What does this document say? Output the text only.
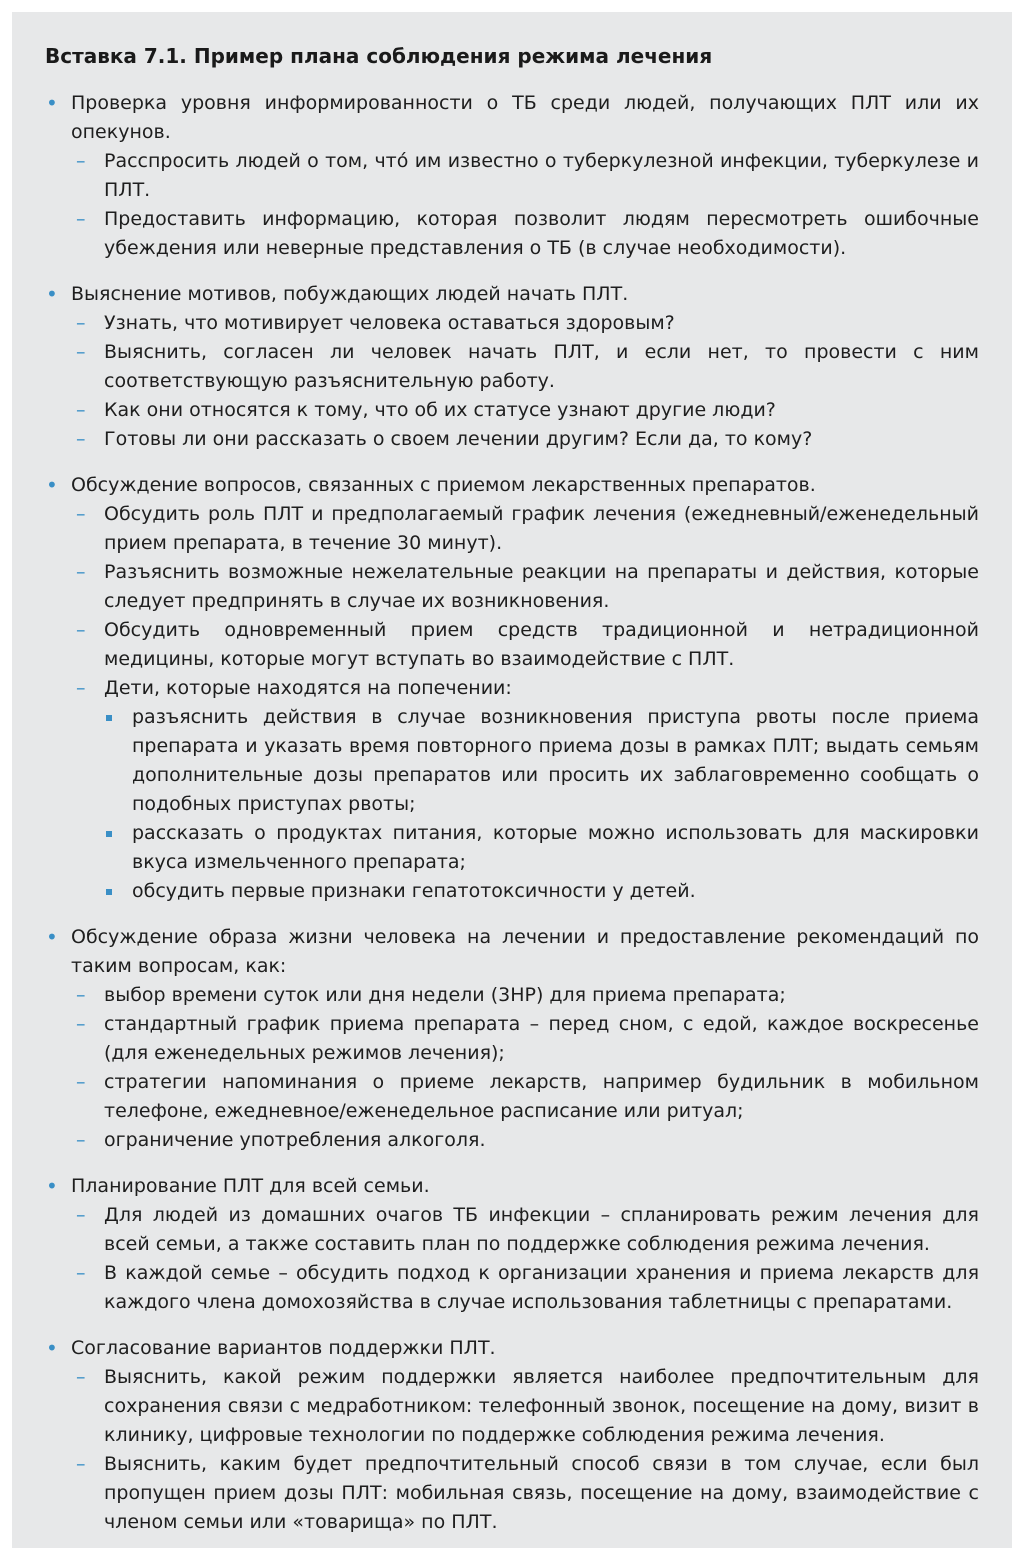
Вставка 7.1. Пример плана соблюдения режима лечения
• Проверка уровня информированности о ТБ среди людей, получающих ПЛТ или их опекунов.
– Расспросить людей о том, что́ им известно о туберкулезной инфекции, туберкулезе и ПЛТ.
– Предоставить информацию, которая позволит людям пересмотреть ошибочные убеждения или неверные представления о ТБ (в случае необходимости).
• Выяснение мотивов, побуждающих людей начать ПЛТ.
– Узнать, что мотивирует человека оставаться здоровым?
– Выяснить, согласен ли человек начать ПЛТ, и если нет, то провести с ним соответствующую разъяснительную работу.
– Как они относятся к тому, что об их статусе узнают другие люди?
– Готовы ли они рассказать о своем лечении другим? Если да, то кому?
• Обсуждение вопросов, связанных с приемом лекарственных препаратов.
– Обсудить роль ПЛТ и предполагаемый график лечения (ежедневный/еженедельный прием препарата, в течение 30 минут).
– Разъяснить возможные нежелательные реакции на препараты и действия, которые следует предпринять в случае их возникновения.
– Обсудить одновременный прием средств традиционной и нетрадиционной медицины, которые могут вступать во взаимодействие с ПЛТ.
– Дети, которые находятся на попечении:
разъяснить действия в случае возникновения приступа рвоты после приема препарата и указать время повторного приема дозы в рамках ПЛТ; выдать семьям дополнительные дозы препаратов или просить их заблаговременно сообщать о подобных приступах рвоты;
рассказать о продуктах питания, которые можно использовать для маскировки вкуса измельченного препарата;
обсудить первые признаки гепатотоксичности у детей.
• Обсуждение образа жизни человека на лечении и предоставление рекомендаций по таким вопросам, как:
– выбор времени суток или дня недели (3НР) для приема препарата;
– стандартный график приема препарата – перед сном, с едой, каждое воскресенье (для еженедельных режимов лечения);
– стратегии напоминания о приеме лекарств, например будильник в мобильном телефоне, ежедневное/еженедельное расписание или ритуал;
– ограничение употребления алкоголя.
• Планирование ПЛТ для всей семьи.
– Для людей из домашних очагов ТБ инфекции – спланировать режим лечения для всей семьи, а также составить план по поддержке соблюдения режима лечения.
– В каждой семье – обсудить подход к организации хранения и приема лекарств для каждого члена домохозяйства в случае использования таблетницы с препаратами.
• Согласование вариантов поддержки ПЛТ.
– Выяснить, какой режим поддержки является наиболее предпочтительным для сохранения связи с медработником: телефонный звонок, посещение на дому, визит в клинику, цифровые технологии по поддержке соблюдения режима лечения.
– Выяснить, каким будет предпочтительный способ связи в том случае, если был пропущен прием дозы ПЛТ: мобильная связь, посещение на дому, взаимодействие с членом семьи или «товарища» по ПЛТ.
